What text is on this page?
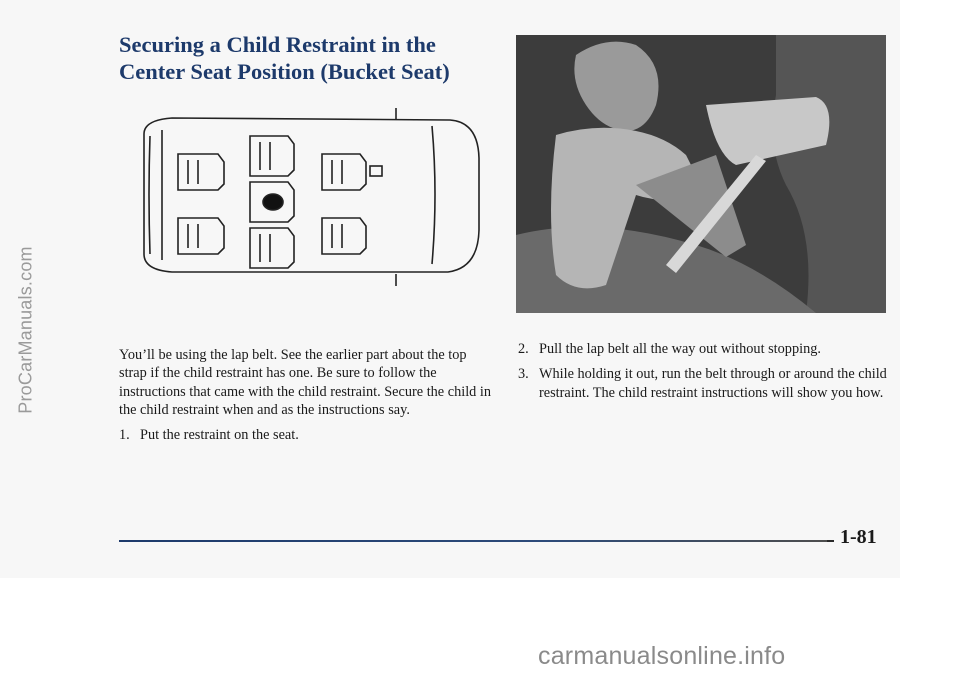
Securing a Child Restraint in the Center Seat Position (Bucket Seat)

You’ll be using the lap belt. See the earlier part about the top strap if the child restraint has one. Be sure to follow the instructions that came with the child restraint. Secure the child in the child restraint when and as the instructions say.

1. Put the restraint on the seat.
2. Pull the lap belt all the way out without stopping.
3. While holding it out, run the belt through or around the child restraint. The child restraint instructions will show you how.
1-81
ProCarManuals.com
carmanualsonline.info
